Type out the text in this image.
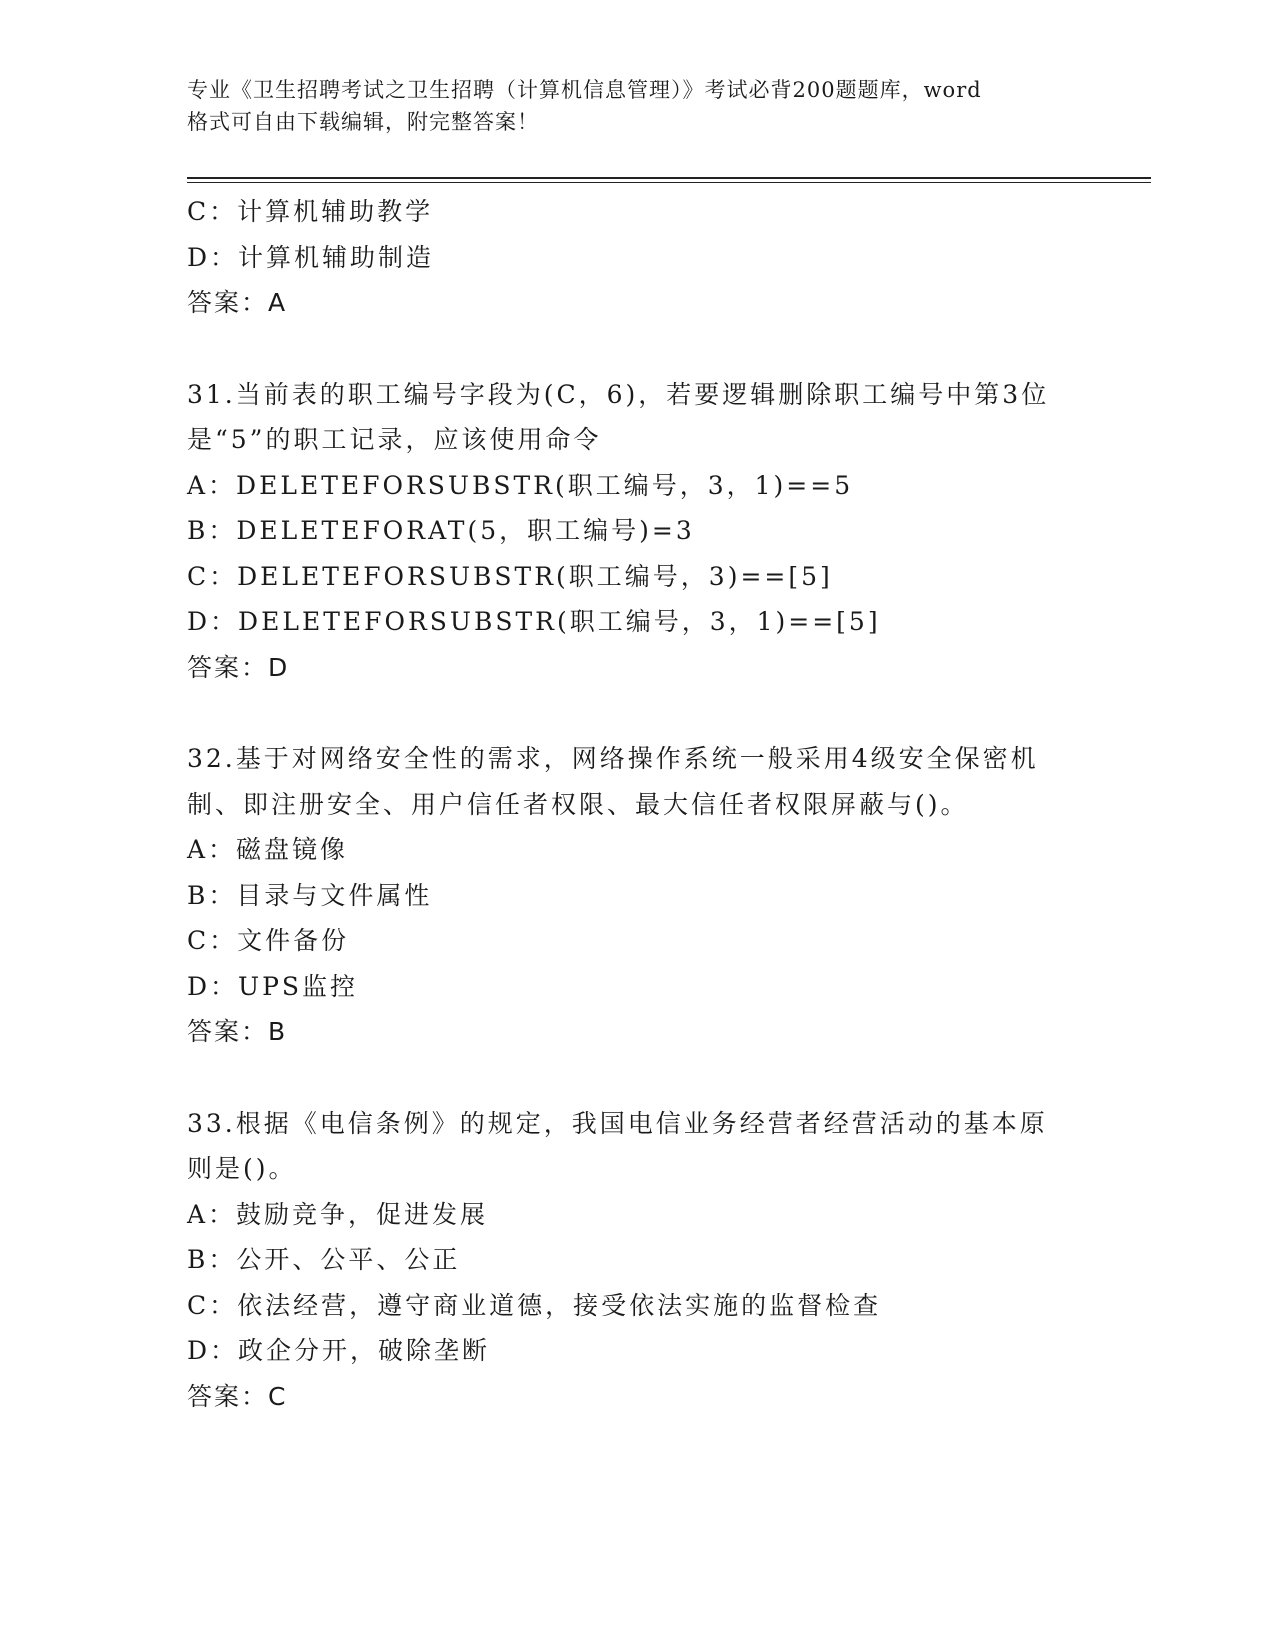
专业《卫生招聘考试之卫生招聘（计算机信息管理）》考试必背200题题库，word
格式可自由下载编辑，附完整答案！
C：计算机辅助教学
D：计算机辅助制造
答案：A
31.当前表的职工编号字段为(C，6)，若要逻辑删除职工编号中第3位
是“5”的职工记录，应该使用命令
A：DELETEFORSUBSTR(职工编号，3，1)==5
B：DELETEFORAT(5，职工编号)=3
C：DELETEFORSUBSTR(职工编号，3)==[5]
D：DELETEFORSUBSTR(职工编号，3，1)==[5]
答案：D
32.基于对网络安全性的需求，网络操作系统一般采用4级安全保密机
制、即注册安全、用户信任者权限、最大信任者权限屏蔽与()。
A：磁盘镜像
B：目录与文件属性
C：文件备份
D：UPS监控
答案：B
33.根据《电信条例》的规定，我国电信业务经营者经营活动的基本原
则是()。
A：鼓励竞争，促进发展
B：公开、公平、公正
C：依法经营，遵守商业道德，接受依法实施的监督检查
D：政企分开，破除垄断
答案：C
